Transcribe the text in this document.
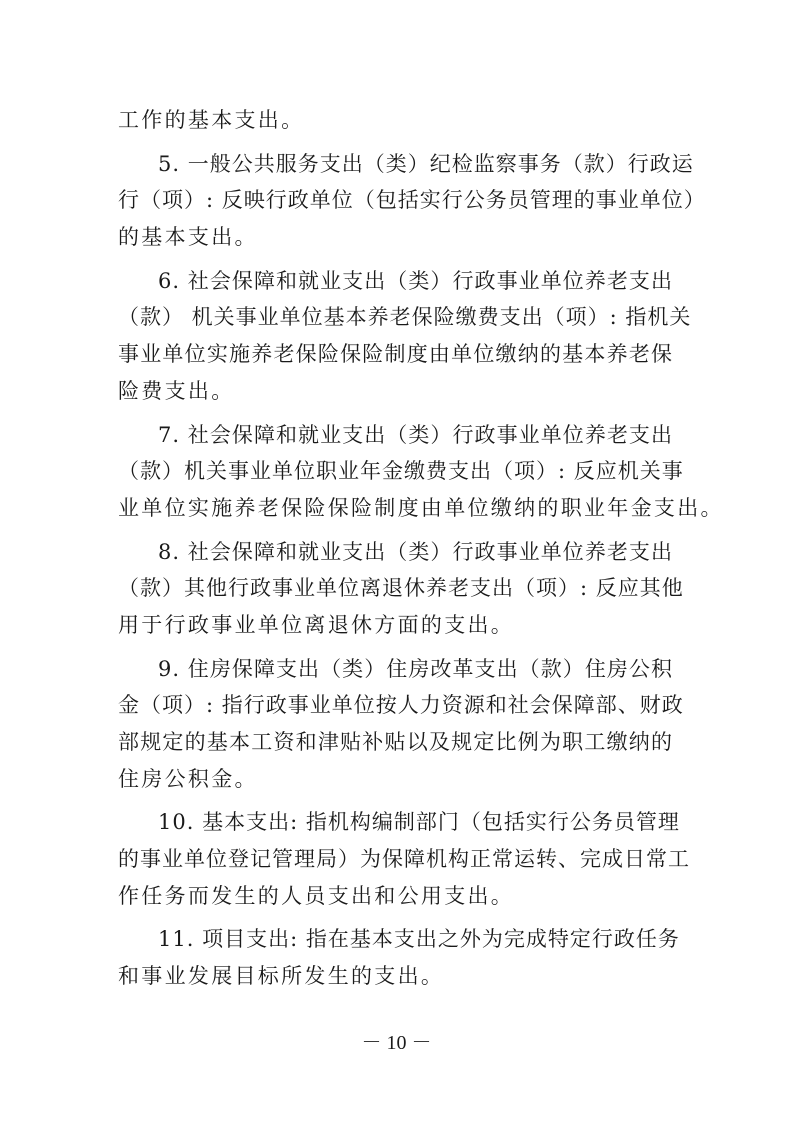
工作的基本支出。
5. 一般公共服务支出（类）纪检监察事务（款）行政运
行（项）: 反映行政单位（包括实行公务员管理的事业单位）
的基本支出。
6. 社会保障和就业支出（类）行政事业单位养老支出
（款） 机关事业单位基本养老保险缴费支出（项）: 指机关
事业单位实施养老保险保险制度由单位缴纳的基本养老保
险费支出。
7. 社会保障和就业支出（类）行政事业单位养老支出
（款）机关事业单位职业年金缴费支出（项）: 反应机关事
业单位实施养老保险保险制度由单位缴纳的职业年金支出。
8. 社会保障和就业支出（类）行政事业单位养老支出
（款）其他行政事业单位离退休养老支出（项）: 反应其他
用于行政事业单位离退休方面的支出。
9. 住房保障支出（类）住房改革支出（款）住房公积
金（项）: 指行政事业单位按人力资源和社会保障部、财政
部规定的基本工资和津贴补贴以及规定比例为职工缴纳的
住房公积金。
10. 基本支出: 指机构编制部门（包括实行公务员管理
的事业单位登记管理局）为保障机构正常运转、完成日常工
作任务而发生的人员支出和公用支出。
11. 项目支出: 指在基本支出之外为完成特定行政任务
和事业发展目标所发生的支出。
－ 10 －
